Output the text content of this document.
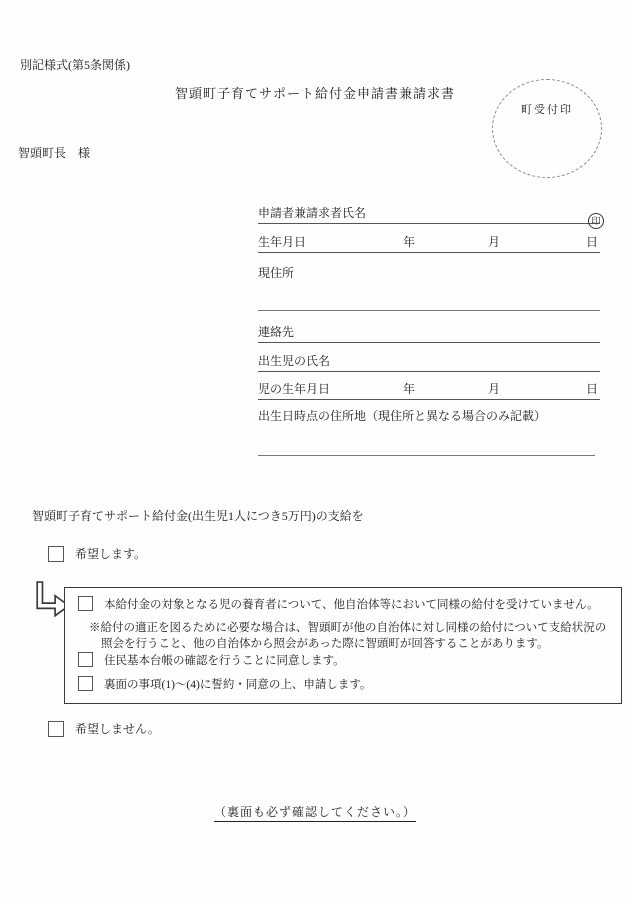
別記様式(第5条関係)
智頭町子育てサポート給付金申請書兼請求書
町受付印
智頭町長　様
申請者兼請求者氏名
印
生年月日	年	月	日
現住所
連絡先
出生児の氏名
児の生年月日	年	月	日
出生日時点の住所地（現住所と異なる場合のみ記載）
智頭町子育てサポート給付金(出生児1人につき5万円)の支給を
希望します。
本給付金の対象となる児の養育者について、他自治体等において同様の給付を受けていません。
※給付の適正を図るために必要な場合は、智頭町が他の自治体に対し同様の給付について支給状況の
照会を行うこと、他の自治体から照会があった際に智頭町が回答することがあります。
住民基本台帳の確認を行うことに同意します。
裏面の事項(1)～(4)に誓約・同意の上、申請します。
希望しません。
（裏面も必ず確認してください。）
